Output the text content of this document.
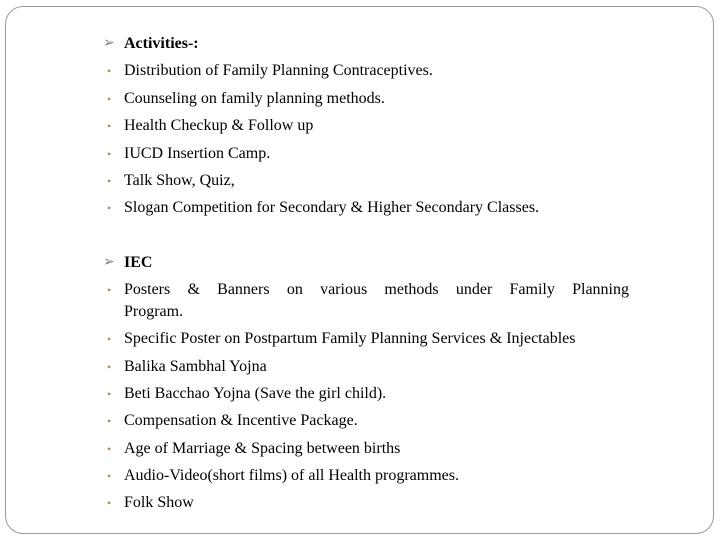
➢ Activities-:
• Distribution of Family Planning Contraceptives.
• Counseling on family planning methods.
• Health Checkup & Follow up
• IUCD Insertion Camp.
• Talk Show, Quiz,
• Slogan Competition for Secondary & Higher Secondary Classes.
➢ IEC
• Posters & Banners on various methods under Family Planning
Program.
• Specific Poster on Postpartum Family Planning Services & Injectables
• Balika Sambhal Yojna
• Beti Bacchao Yojna (Save the girl child).
• Compensation & Incentive Package.
• Age of Marriage & Spacing between births
• Audio-Video(short films) of all Health programmes.
• Folk Show
